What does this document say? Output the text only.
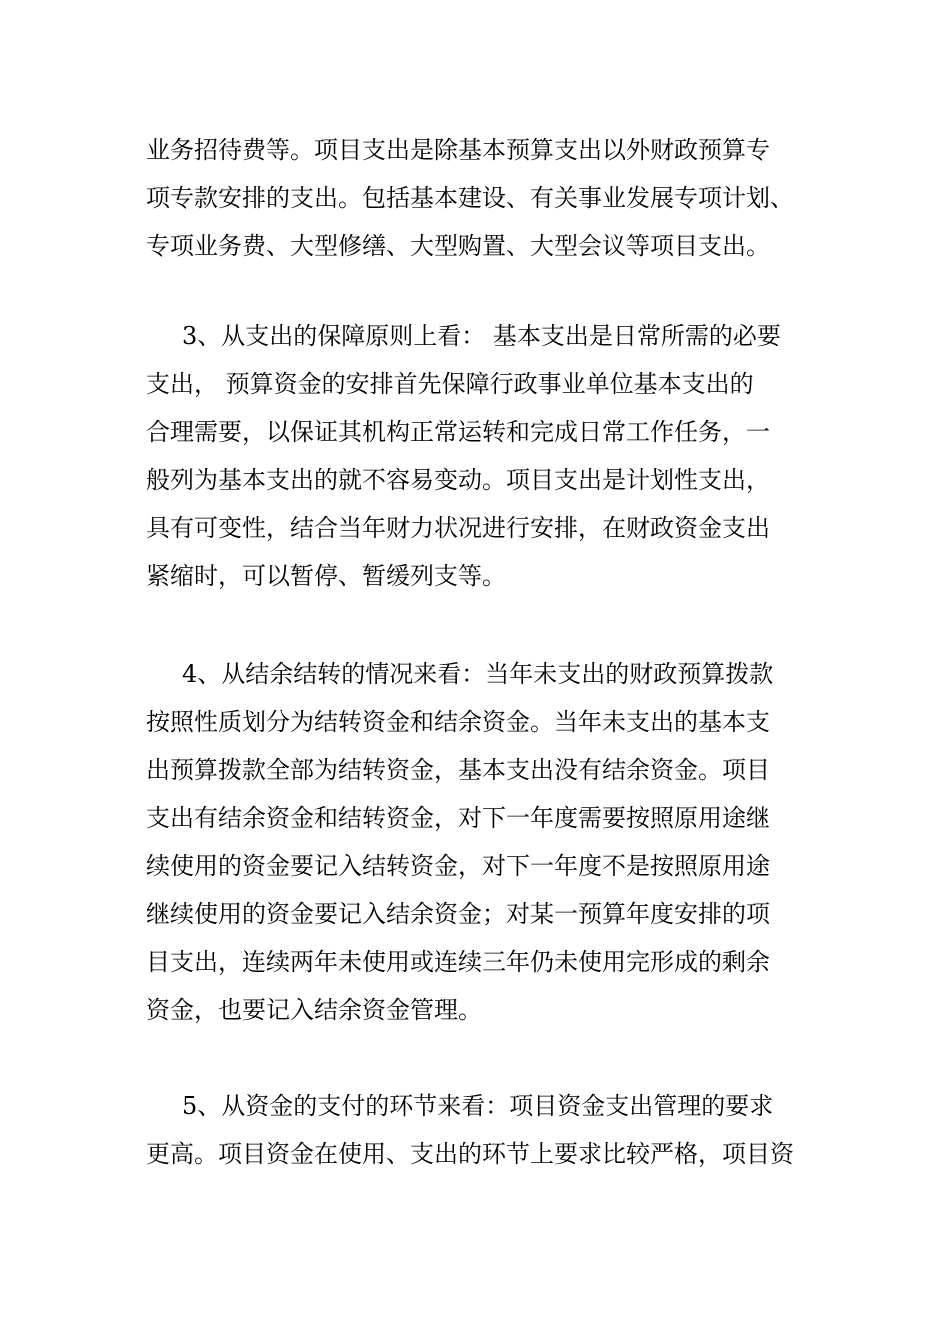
业务招待费等。项目支出是除基本预算支出以外财政预算专
项专款安排的支出。包括基本建设、有关事业发展专项计划、
专项业务费、大型修缮、大型购置、大型会议等项目支出。
3、从支出的保障原则上看： 基本支出是日常所需的必要
支出， 预算资金的安排首先保障行政事业单位基本支出的
合理需要，以保证其机构正常运转和完成日常工作任务，一
般列为基本支出的就不容易变动。项目支出是计划性支出，
具有可变性，结合当年财力状况进行安排，在财政资金支出
紧缩时，可以暂停、暂缓列支等。
4、从结余结转的情况来看：当年未支出的财政预算拨款
按照性质划分为结转资金和结余资金。当年未支出的基本支
出预算拨款全部为结转资金，基本支出没有结余资金。项目
支出有结余资金和结转资金，对下一年度需要按照原用途继
续使用的资金要记入结转资金，对下一年度不是按照原用途
继续使用的资金要记入结余资金；对某一预算年度安排的项
目支出，连续两年未使用或连续三年仍未使用完形成的剩余
资金，也要记入结余资金管理。
5、从资金的支付的环节来看：项目资金支出管理的要求
更高。项目资金在使用、支出的环节上要求比较严格，项目资
